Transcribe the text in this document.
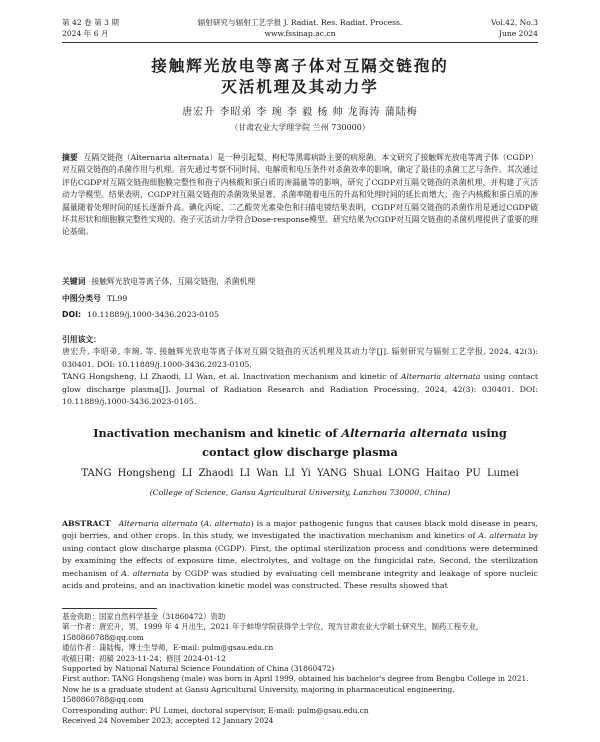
第 42 卷 第 3 期
2024 年 6 月
辐射研究与辐射工艺学报 J. Radiat. Res. Radiat. Process.
www.fssinap.ac.cn
Vol.42, No.3
June 2024
接触辉光放电等离子体对互隔交链孢的
灭活机理及其动力学
唐宏升 李昭弟 李 琬 李 毅 杨 帅 龙海涛 蒲陆梅
（甘肃农业大学理学院 兰州 730000）
摘要 互隔交链孢（Alternaria alternata）是一种引起梨、枸杞等黑霉病龄主要的病原菌。本文研究了接触辉光放电等离子体（CGDP）对互隔交链孢的杀菌作用与机理。首先通过考察不同时间、电解质和电压条件对杀菌效率的影响，确定了最佳的杀菌工艺与条件。其次通过评估CGDP对互隔交链孢细胞膜完整性和孢子内核酸和蛋白质的渗漏量等的影响，研究了CGDP对互隔交链孢的杀菌机理，并构建了灭活动力学模型。结果表明，CGDP对互隔交链孢的杀菌效果显著，杀菌率随着电压的升高和处理时间的延长而增大；孢子内核酸和蛋白质的渗漏量随着处理时间的延长逐渐升高。碘化丙啶、二乙酸荧光素染色和扫描电镜结果表明，CGDP对互隔交链孢的杀菌作用是通过CGDP破坏其形状和细胞膜完整性实现的。孢子灭活动力学符合Dose-response模型。研究结果为CGDP对互隔交链孢的杀菌机理提供了重要的理论基础。
关键词 接触辉光放电等离子体，互隔交链孢，杀菌机理
中图分类号 TL99
DOI: 10.11889/j.1000-3436.2023-0105
引用该文：
唐宏升, 李昭弟, 李琬, 等. 接触辉光放电等离子体对互隔交链孢的灭活机理及其动力学[J]. 辐射研究与辐射工艺学报, 2024, 42(3): 030401. DOI: 10.11889/j.1000-3436.2023-0105.
TANG Hongsheng, LI Zhaodi, LI Wan, et al. Inactivation mechanism and kinetic of Alternaria alternata using contact glow discharge plasma[J]. Journal of Radiation Research and Radiation Processing, 2024, 42(3): 030401. DOI: 10.11889/j.1000-3436.2023-0105.
Inactivation mechanism and kinetic of Alternaria alternata using
contact glow discharge plasma
TANG Hongsheng LI Zhaodi LI Wan LI Yi YANG Shuai LONG Haitao PU Lumei
(College of Science, Gansu Agricultural University, Lanzhou 730000, China)
ABSTRACT Alternaria alternata (A. alternata) is a major pathogenic fungus that causes black mold disease in pears, goji berries, and other crops. In this study, we investigated the inactivation mechanism and kinetics of A. alternata by using contact glow discharge plasma (CGDP). First, the optimal sterilization process and conditions were determined by examining the effects of exposure time, electrolytes, and voltage on the fungicidal rate. Second, the sterilization mechanism of A. alternata by CGDP was studied by evaluating cell membrane integrity and leakage of spore nucleic acids and proteins, and an inactivation kinetic model was constructed. These results showed that
基金资助：国家自然科学基金（31860472）资助
第一作者：唐宏升，男，1999 年 4 月出生，2021 年于蚌埠学院获得学士学位，现为甘肃农业大学硕士研究生，制药工程专业，1580860788@qq.com
通信作者：蒲陆梅，博士生导师，E-mail: pulm@gsau.edu.cn
收稿日期：初稿 2023-11-24；修回 2024-01-12
Supported by National Natural Science Foundation of China (31860472)
First author: TANG Hongsheng (male) was born in April 1999, obtained his bachelor's degree from Bengbu College in 2021. Now he is a graduate student at Gansu Agricultural University, majoring in pharmaceutical engineering, 1580860788@qq.com
Corresponding author: PU Lumei, doctoral supervisor, E-mail: pulm@gsau.edu.cn
Received 24 November 2023; accepted 12 January 2024
